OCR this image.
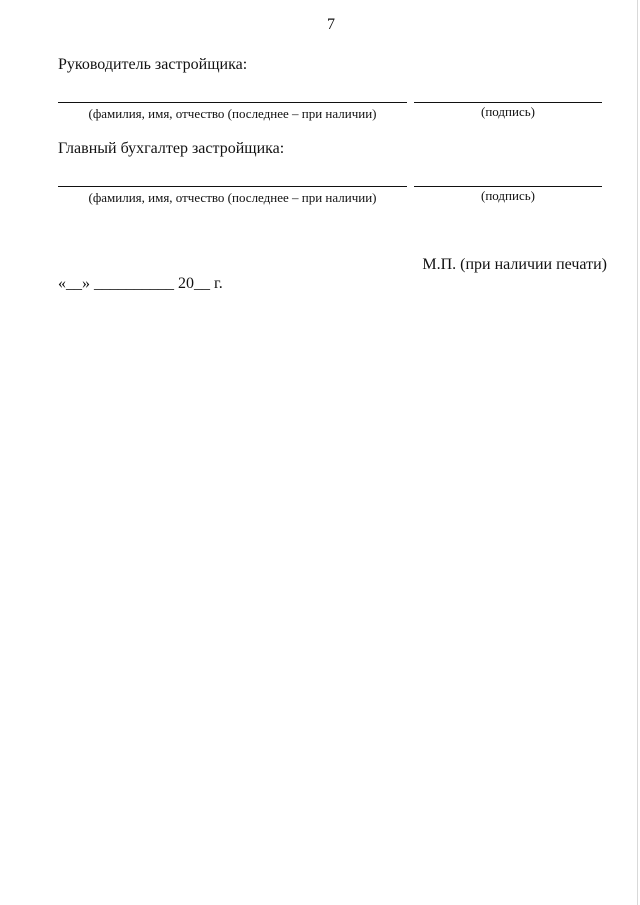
7
Руководитель застройщика:
(фамилия, имя, отчество (последнее – при наличии)	(подпись)
Главный бухгалтер застройщика:
(фамилия, имя, отчество (последнее – при наличии)	(подпись)
М.П. (при наличии печати)
«__» __________ 20__ г.
